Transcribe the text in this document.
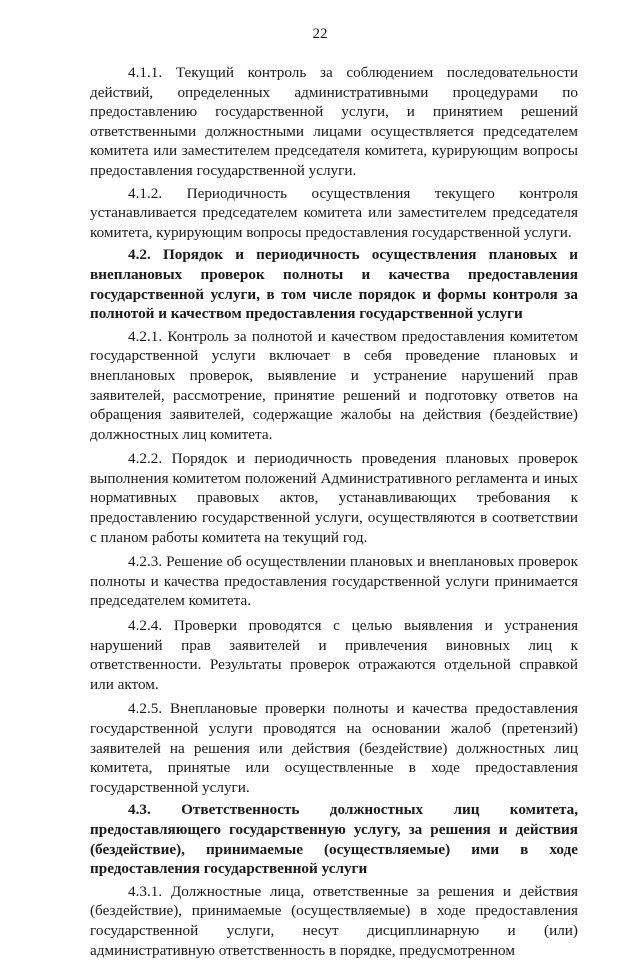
22

4.1.1. Текущий контроль за соблюдением последовательности действий, определенных административными процедурами по предоставлению государственной услуги, и принятием решений ответственными должностными лицами осуществляется председателем комитета или заместителем председателя комитета, курирующим вопросы предоставления государственной услуги.

4.1.2. Периодичность осуществления текущего контроля устанавливается председателем комитета или заместителем председателя комитета, курирующим вопросы предоставления государственной услуги.

4.2. Порядок и периодичность осуществления плановых и внеплановых проверок полноты и качества предоставления государственной услуги, в том числе порядок и формы контроля за полнотой и качеством предоставления государственной услуги

4.2.1. Контроль за полнотой и качеством предоставления комитетом государственной услуги включает в себя проведение плановых и внеплановых проверок, выявление и устранение нарушений прав заявителей, рассмотрение, принятие решений и подготовку ответов на обращения заявителей, содержащие жалобы на действия (бездействие) должностных лиц комитета.

4.2.2. Порядок и периодичность проведения плановых проверок выполнения комитетом положений Административного регламента и иных нормативных правовых актов, устанавливающих требования к предоставлению государственной услуги, осуществляются в соответствии с планом работы комитета на текущий год.

4.2.3. Решение об осуществлении плановых и внеплановых проверок полноты и качества предоставления государственной услуги принимается председателем комитета.

4.2.4. Проверки проводятся с целью выявления и устранения нарушений прав заявителей и привлечения виновных лиц к ответственности. Результаты проверок отражаются отдельной справкой или актом.

4.2.5. Внеплановые проверки полноты и качества предоставления государственной услуги проводятся на основании жалоб (претензий) заявителей на решения или действия (бездействие) должностных лиц комитета, принятые или осуществленные в ходе предоставления государственной услуги.

4.3. Ответственность должностных лиц комитета, предоставляющего государственную услугу, за решения и действия (бездействие), принимаемые (осуществляемые) ими в ходе предоставления государственной услуги

4.3.1. Должностные лица, ответственные за решения и действия (бездействие), принимаемые (осуществляемые) в ходе предоставления государственной услуги, несут дисциплинарную и (или) административную ответственность в порядке, предусмотренном
